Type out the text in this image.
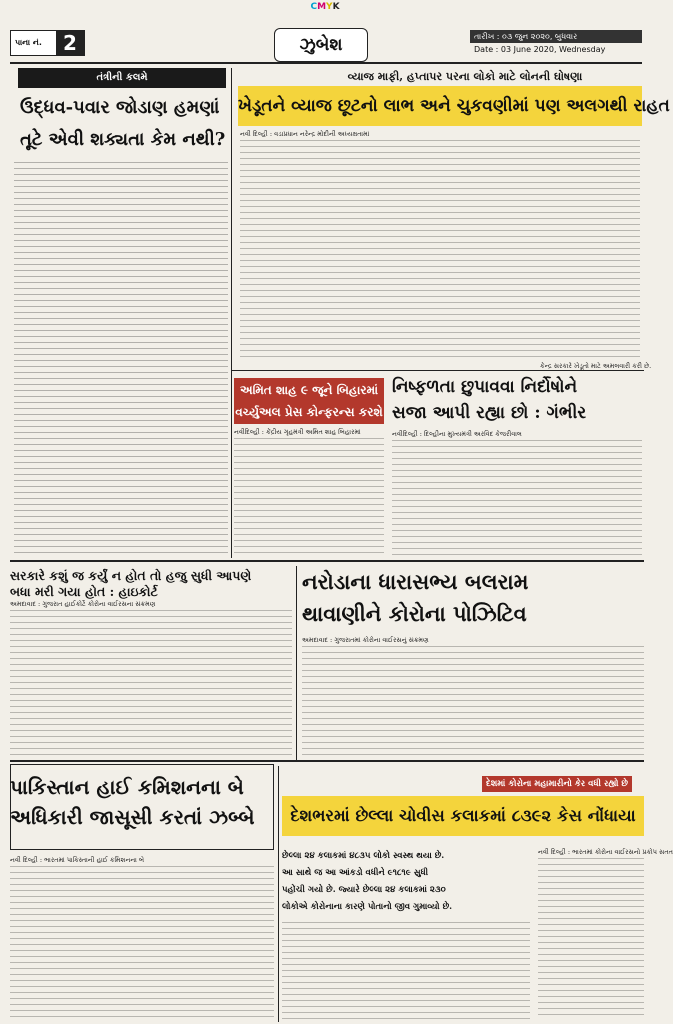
CMYK
પાના નં.	2	ઝુબેશ	તારીખ : ૦૩ જુન ૨૦૨૦, બુધવાર
Date : 03 June 2020, Wednesday
તંત્રીની કલમે
ઉદ્ધવ-પવાર જોડાણ હમણાં
તૂટે એવી શક્યતા કેમ નથી?
વ્યાજ માફી, હપ્તાપર પરના લોકો માટે લોનની ઘોષણા
ખેડૂતને વ્યાજ છૂટનો લાભ અને ચુકવણીમાં પણ અલગથી રાહત
નવી દિલ્હી : વડાપ્રધાન નરેન્દ્ર મોદીની અધ્યક્ષતામાં
કેન્દ્ર સરકારે ખેડૂતો માટે અમલવારી કરી છે.
અમિત શાહ ૯ જૂને બિહારમાં
વર્ચ્યુઅલ પ્રેસ કોન્ફરન્સ કરશે
નવીદિલ્હી : કેંદ્રીય ગૃહમંત્રી અમિત શાહ બિહારમાં
નિષ્ફળતા છુપાવવા નિર્દોષોને
સજા આપી રહ્યા છો : ગંભીર
નવીદિલ્હી : દિલ્હીના મુખ્યમંત્રી અરવિંદ કેજરીવાલ
સરકારે કશું જ કર્યું ન હોત તો હજુ સુધી આપણે બધા મરી ગયા હોત : હાઇકોર્ટ
અમદાવાદ : ગુજરાત હાઈકોર્ટે કોરોના વાઈરસના સંક્રમણ
નરોડાના ધારાસભ્ય બલરામ
થાવાણીને કોરોના પોઝિટિવ
અમદાવાદ : ગુજરાતમાં કોરોના વાઈરસનું સંક્રમણ
પાકિસ્તાન હાઈ કમિશનના બે
અધિકારી જાસૂસી કરતાં ઝબ્બે
નવી દિલ્હી : ભારતમાં પાકિસ્તાની હાઈ કમિશનના બે
દેશમાં કોરોના મહામારીનો કેર વધી રહ્યો છે
દેશભરમાં છેલ્લા ચોવીસ કલાકમાં ૮૩૯૨ કેસ નોંધાયા
છેલ્લા ૨૪ કલાકમાં ૪૮૩૫ લોકો સ્વસ્થ થયા છે.
આ સાથે જ આ આંકડો વધીને ૯૧૮૧૯ સુધી
પહોંચી ગયો છે. જ્યારે છેલ્લા ૨૪ કલાકમાં ૨૩૦
લોકોએ કોરોનાના કારણે પોતાનો જીવ ગુમાવ્યો છે.
નવી દિલ્હી : ભારતમાં કોરોના વાઈરસનો પ્રકોપ સતત
